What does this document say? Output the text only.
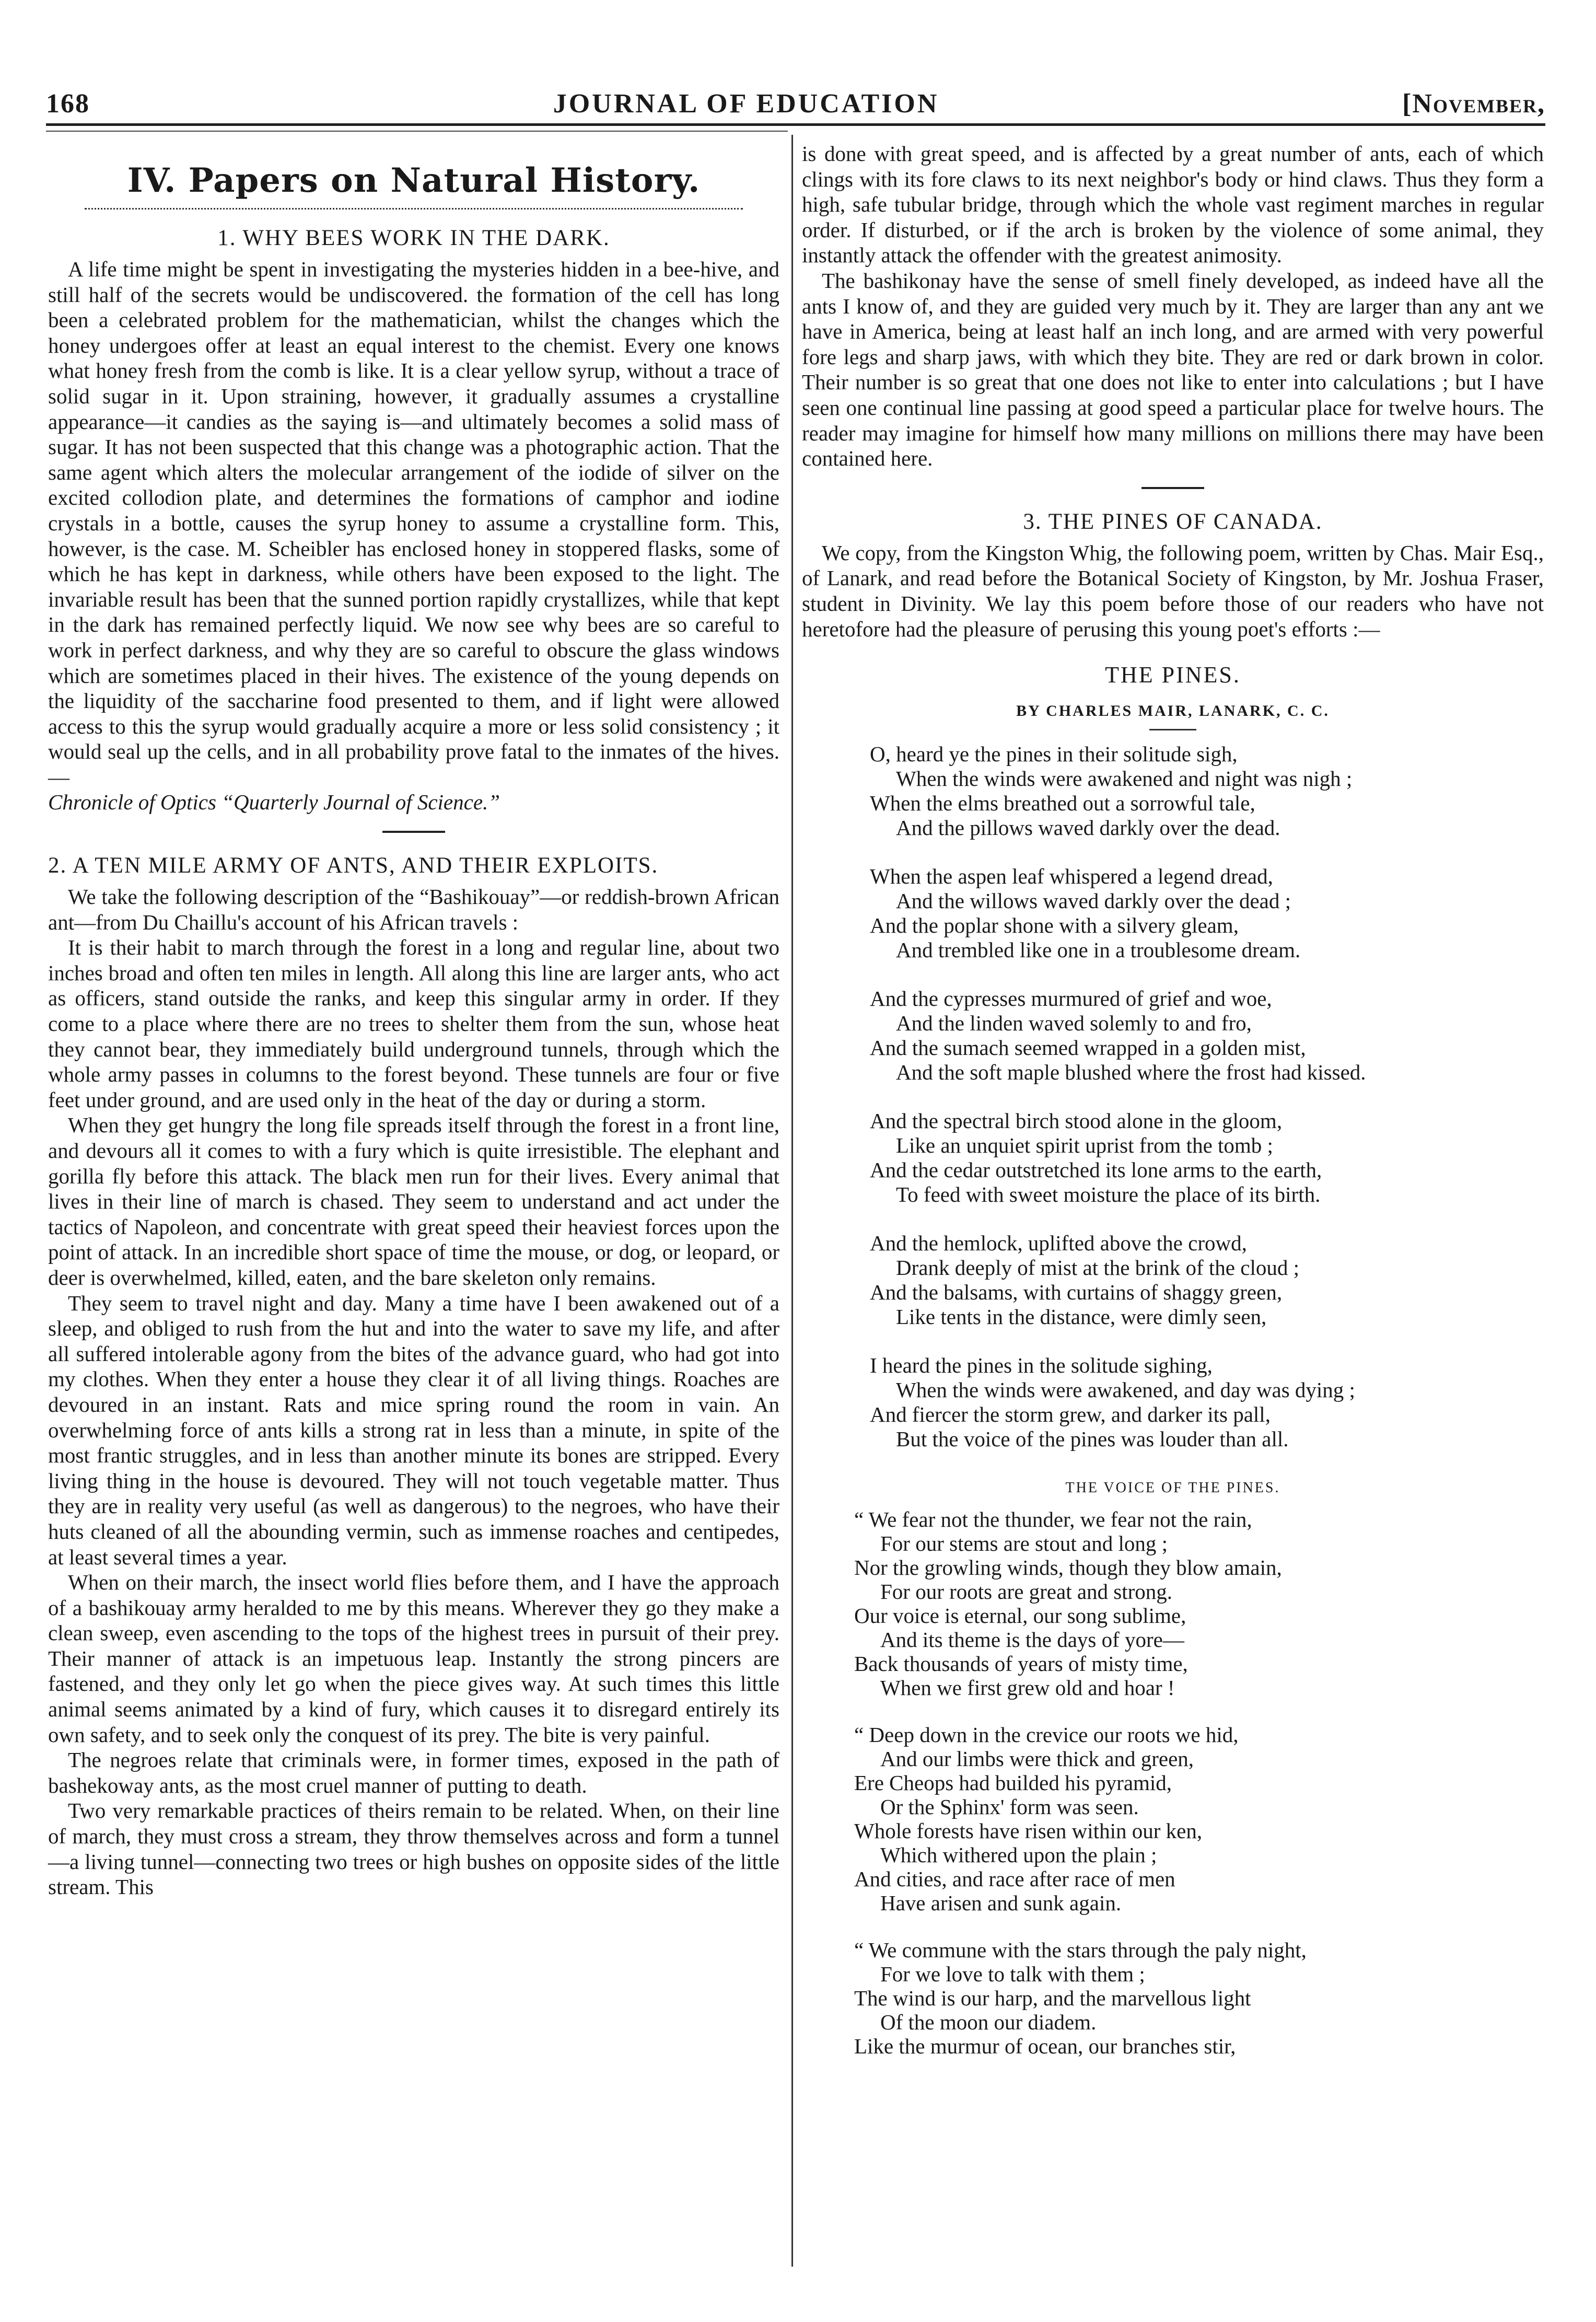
168	JOURNAL OF EDUCATION	[November,
IV. Papers on Natural History.
1. WHY BEES WORK IN THE DARK.

A life time might be spent in investigating the mysteries hidden in a bee-hive, and still half of the secrets would be undiscovered. the formation of the cell has long been a celebrated problem for the mathematician, whilst the changes which the honey undergoes offer at least an equal interest to the chemist. Every one knows what honey fresh from the comb is like. It is a clear yellow syrup, without a trace of solid sugar in it. Upon straining, however, it gradually assumes a crystalline appearance—it candies as the saying is—and ultimately becomes a solid mass of sugar. It has not been suspected that this change was a photographic action. That the same agent which alters the molecular arrangement of the iodide of silver on the excited collodion plate, and determines the formations of camphor and iodine crystals in a bottle, causes the syrup honey to assume a crystalline form. This, however, is the case. M. Scheibler has enclosed honey in stoppered flasks, some of which he has kept in darkness, while others have been exposed to the light. The invariable result has been that the sunned portion rapidly crystallizes, while that kept in the dark has remained perfectly liquid. We now see why bees are so careful to work in perfect darkness, and why they are so careful to obscure the glass windows which are sometimes placed in their hives. The existence of the young depends on the liquidity of the saccharine food presented to them, and if light were allowed access to this the syrup would gradually acquire a more or less solid consistency ; it would seal up the cells, and in all probability prove fatal to the inmates of the hives.—

Chronicle of Optics “Quarterly Journal of Science.”

2. A TEN MILE ARMY OF ANTS, AND THEIR EXPLOITS.

We take the following description of the “Bashikouay”—or reddish-brown African ant—from Du Chaillu's account of his African travels :

It is their habit to march through the forest in a long and regular line, about two inches broad and often ten miles in length. All along this line are larger ants, who act as officers, stand outside the ranks, and keep this singular army in order. If they come to a place where there are no trees to shelter them from the sun, whose heat they cannot bear, they immediately build underground tunnels, through which the whole army passes in columns to the forest beyond. These tunnels are four or five feet under ground, and are used only in the heat of the day or during a storm.

When they get hungry the long file spreads itself through the forest in a front line, and devours all it comes to with a fury which is quite irresistible. The elephant and gorilla fly before this attack. The black men run for their lives. Every animal that lives in their line of march is chased. They seem to understand and act under the tactics of Napoleon, and concentrate with great speed their heaviest forces upon the point of attack. In an incredible short space of time the mouse, or dog, or leopard, or deer is overwhelmed, killed, eaten, and the bare skeleton only remains.

They seem to travel night and day. Many a time have I been awakened out of a sleep, and obliged to rush from the hut and into the water to save my life, and after all suffered intolerable agony from the bites of the advance guard, who had got into my clothes. When they enter a house they clear it of all living things. Roaches are devoured in an instant. Rats and mice spring round the room in vain. An overwhelming force of ants kills a strong rat in less than a minute, in spite of the most frantic struggles, and in less than another minute its bones are stripped. Every living thing in the house is devoured. They will not touch vegetable matter. Thus they are in reality very useful (as well as dangerous) to the negroes, who have their huts cleaned of all the abounding vermin, such as immense roaches and centipedes, at least several times a year.

When on their march, the insect world flies before them, and I have the approach of a bashikouay army heralded to me by this means. Wherever they go they make a clean sweep, even ascending to the tops of the highest trees in pursuit of their prey. Their manner of attack is an impetuous leap. Instantly the strong pincers are fastened, and they only let go when the piece gives way. At such times this little animal seems animated by a kind of fury, which causes it to disregard entirely its own safety, and to seek only the conquest of its prey. The bite is very painful.

The negroes relate that criminals were, in former times, exposed in the path of bashekoway ants, as the most cruel manner of putting to death.

Two very remarkable practices of theirs remain to be related. When, on their line of march, they must cross a stream, they throw themselves across and form a tunnel—a living tunnel—connecting two trees or high bushes on opposite sides of the little stream. This

is done with great speed, and is affected by a great number of ants, each of which clings with its fore claws to its next neighbor's body or hind claws. Thus they form a high, safe tubular bridge, through which the whole vast regiment marches in regular order. If disturbed, or if the arch is broken by the violence of some animal, they instantly attack the offender with the greatest animosity.

The bashikonay have the sense of smell finely developed, as indeed have all the ants I know of, and they are guided very much by it. They are larger than any ant we have in America, being at least half an inch long, and are armed with very powerful fore legs and sharp jaws, with which they bite. They are red or dark brown in color. Their number is so great that one does not like to enter into calculations ; but I have seen one continual line passing at good speed a particular place for twelve hours. The reader may imagine for himself how many millions on millions there may have been contained here.

3. THE PINES OF CANADA.

We copy, from the Kingston Whig, the following poem, written by Chas. Mair Esq., of Lanark, and read before the Botanical Society of Kingston, by Mr. Joshua Fraser, student in Divinity. We lay this poem before those of our readers who have not heretofore had the pleasure of perusing this young poet's efforts :—

THE PINES.
BY CHARLES MAIR, LANARK, C. C.
O, heard ye the pines in their solitude sigh,
When the winds were awakened and night was nigh ;
When the elms breathed out a sorrowful tale,
And the pillows waved darkly over the dead.
When the aspen leaf whispered a legend dread,
And the willows waved darkly over the dead ;
And the poplar shone with a silvery gleam,
And trembled like one in a troublesome dream.
And the cypresses murmured of grief and woe,
And the linden waved solemly to and fro,
And the sumach seemed wrapped in a golden mist,
And the soft maple blushed where the frost had kissed.
And the spectral birch stood alone in the gloom,
Like an unquiet spirit uprist from the tomb ;
And the cedar outstretched its lone arms to the earth,
To feed with sweet moisture the place of its birth.
And the hemlock, uplifted above the crowd,
Drank deeply of mist at the brink of the cloud ;
And the balsams, with curtains of shaggy green,
Like tents in the distance, were dimly seen,
I heard the pines in the solitude sighing,
When the winds were awakened, and day was dying ;
And fiercer the storm grew, and darker its pall,
But the voice of the pines was louder than all.
THE VOICE OF THE PINES.
“ We fear not the thunder, we fear not the rain,
For our stems are stout and long ;
Nor the growling winds, though they blow amain,
For our roots are great and strong.
Our voice is eternal, our song sublime,
And its theme is the days of yore—
Back thousands of years of misty time,
When we first grew old and hoar !
“ Deep down in the crevice our roots we hid,
And our limbs were thick and green,
Ere Cheops had builded his pyramid,
Or the Sphinx' form was seen.
Whole forests have risen within our ken,
Which withered upon the plain ;
And cities, and race after race of men
Have arisen and sunk again.
“ We commune with the stars through the paly night,
For we love to talk with them ;
The wind is our harp, and the marvellous light
Of the moon our diadem.
Like the murmur of ocean, our branches stir,
